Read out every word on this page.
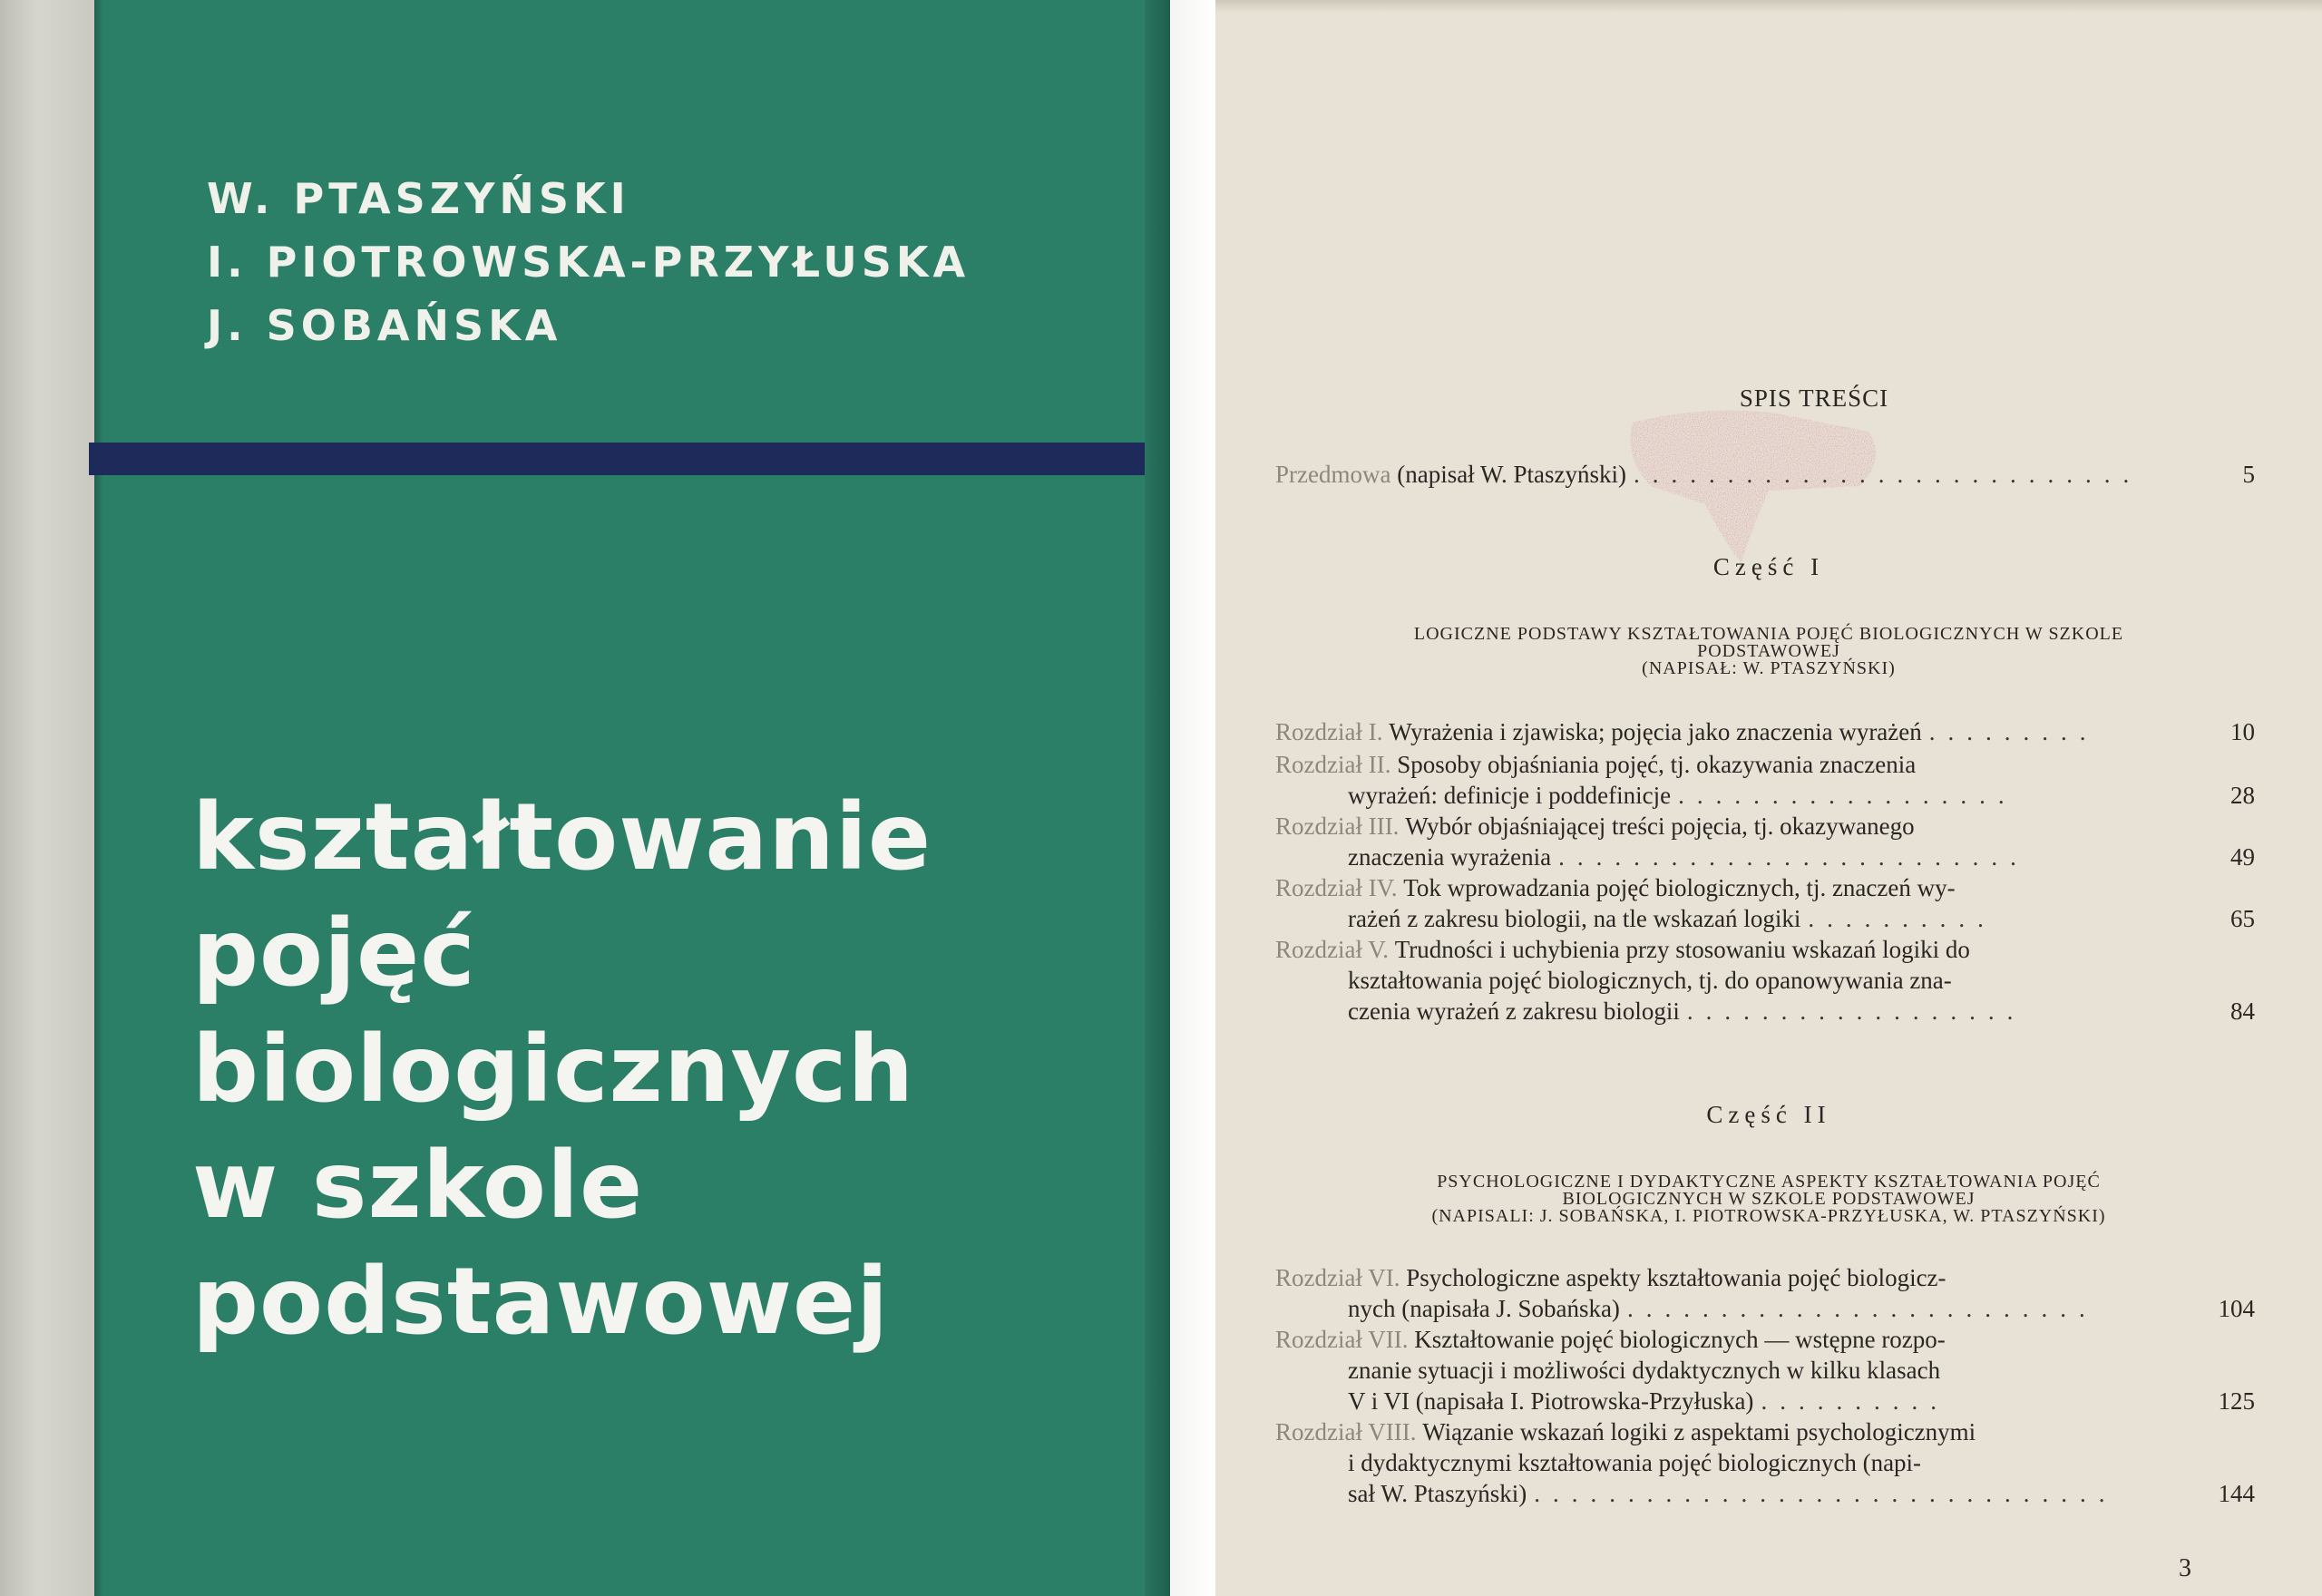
W. PTASZYŃSKI
I. PIOTROWSKA-PRZYŁUSKA
J. SOBAŃSKA
kształtowanie
pojęć
biologicznych
w szkole
podstawowej
SPIS TREŚCI
Przedmowa
(napisał W. Ptaszyński) ...........................	5
Część I
LOGICZNE PODSTAWY KSZTAŁTOWANIA POJĘĆ BIOLOGICZNYCH W SZKOLE
PODSTAWOWEJ
(NAPISAŁ: W. PTASZYŃSKI)
Rozdział I.
Wyrażenia i zjawiska; pojęcia jako znaczenia wyrażeń .........	10
Rozdział II.
Sposoby objaśniania pojęć, tj. okazywania znaczenia
wyrażeń: definicje i poddefinicje ..................	28
Rozdział III.
Wybór objaśniającej treści pojęcia, tj. okazywanego
znaczenia wyrażenia .........................	49
Rozdział IV.
Tok wprowadzania pojęć biologicznych, tj. znaczeń wy-
rażeń z zakresu biologii, na tle wskazań logiki ..........	65
Rozdział V.
Trudności i uchybienia przy stosowaniu wskazań logiki do
kształtowania pojęć biologicznych, tj. do opanowywania zna-
czenia wyrażeń z zakresu biologii ..................	84
Część II
PSYCHOLOGICZNE I DYDAKTYCZNE ASPEKTY KSZTAŁTOWANIA POJĘĆ
BIOLOGICZNYCH W SZKOLE PODSTAWOWEJ
(NAPISALI: J. SOBAŃSKA, I. PIOTROWSKA-PRZYŁUSKA, W. PTASZYŃSKI)
Rozdział VI.
Psychologiczne aspekty kształtowania pojęć biologicz-
nych (napisała J. Sobańska) .........................	104
Rozdział VII.
Kształtowanie pojęć biologicznych — wstępne rozpo-
znanie sytuacji i możliwości dydaktycznych w kilku klasach
V i VI (napisała I. Piotrowska-Przyłuska) ..........	125
Rozdział VIII.
Wiązanie wskazań logiki z aspektami psychologicznymi
i dydaktycznymi kształtowania pojęć biologicznych (napi-
sał W. Ptaszyński) ...............................	144
3
